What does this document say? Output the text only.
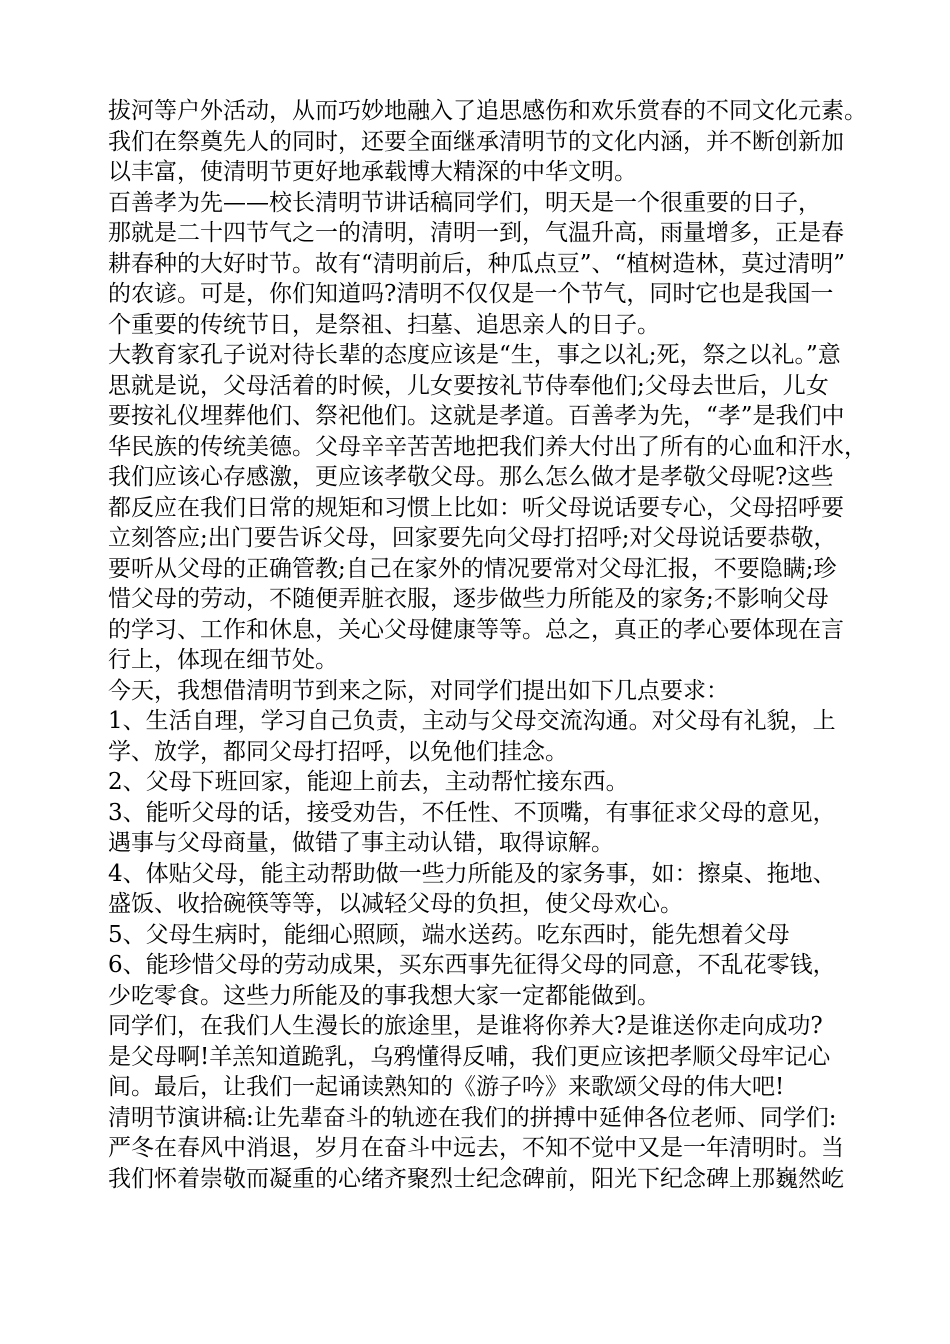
拔河等户外活动，从而巧妙地融入了追思感伤和欢乐赏春的不同文化元素。
我们在祭奠先人的同时，还要全面继承清明节的文化内涵，并不断创新加
以丰富，使清明节更好地承载博大精深的中华文明。
百善孝为先——校长清明节讲话稿同学们，明天是一个很重要的日子，
那就是二十四节气之一的清明，清明一到，气温升高，雨量增多，正是春
耕春种的大好时节。故有“清明前后，种瓜点豆”、“植树造林，莫过清明”
的农谚。可是，你们知道吗?清明不仅仅是一个节气，同时它也是我国一
个重要的传统节日，是祭祖、扫墓、追思亲人的日子。
大教育家孔子说对待长辈的态度应该是“生，事之以礼;死，祭之以礼。”意
思就是说，父母活着的时候，儿女要按礼节侍奉他们;父母去世后，儿女
要按礼仪埋葬他们、祭祀他们。这就是孝道。百善孝为先，“孝”是我们中
华民族的传统美德。父母辛辛苦苦地把我们养大付出了所有的心血和汗水，
我们应该心存感激，更应该孝敬父母。那么怎么做才是孝敬父母呢?这些
都反应在我们日常的规矩和习惯上比如：听父母说话要专心，父母招呼要
立刻答应;出门要告诉父母，回家要先向父母打招呼;对父母说话要恭敬，
要听从父母的正确管教;自己在家外的情况要常对父母汇报，不要隐瞒;珍
惜父母的劳动，不随便弄脏衣服，逐步做些力所能及的家务;不影响父母
的学习、工作和休息，关心父母健康等等。总之，真正的孝心要体现在言
行上，体现在细节处。
今天，我想借清明节到来之际，对同学们提出如下几点要求：
1、生活自理，学习自己负责，主动与父母交流沟通。对父母有礼貌，上
学、放学，都同父母打招呼，以免他们挂念。
2、父母下班回家，能迎上前去，主动帮忙接东西。
3、能听父母的话，接受劝告，不任性、不顶嘴，有事征求父母的意见，
遇事与父母商量，做错了事主动认错，取得谅解。
4、体贴父母，能主动帮助做一些力所能及的家务事，如：擦桌、拖地、
盛饭、收拾碗筷等等，以减轻父母的负担，使父母欢心。
5、父母生病时，能细心照顾，端水送药。吃东西时，能先想着父母
6、能珍惜父母的劳动成果，买东西事先征得父母的同意，不乱花零钱，
少吃零食。这些力所能及的事我想大家一定都能做到。
同学们，在我们人生漫长的旅途里，是谁将你养大?是谁送你走向成功?
是父母啊!羊羔知道跪乳，乌鸦懂得反哺，我们更应该把孝顺父母牢记心
间。最后，让我们一起诵读熟知的《游子吟》来歌颂父母的伟大吧!
清明节演讲稿:让先辈奋斗的轨迹在我们的拼搏中延伸各位老师、同学们:
严冬在春风中消退，岁月在奋斗中远去，不知不觉中又是一年清明时。当
我们怀着崇敬而凝重的心绪齐聚烈士纪念碑前，阳光下纪念碑上那巍然屹
